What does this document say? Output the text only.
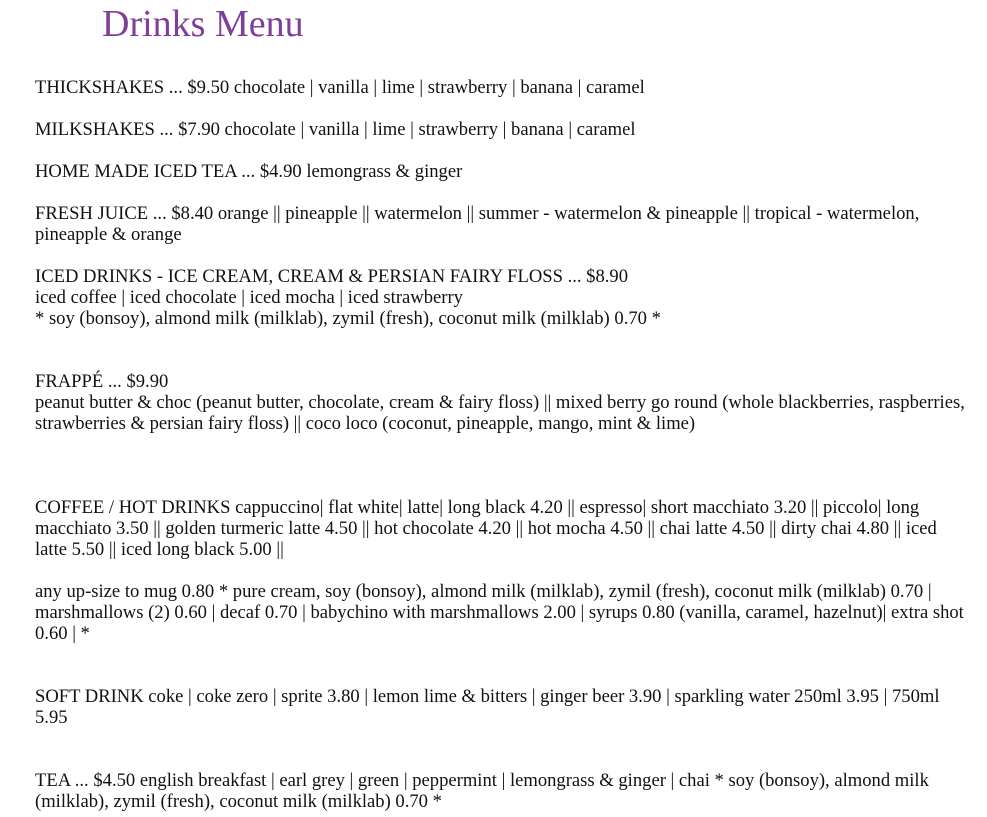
Drinks Menu

THICKSHAKES ... $9.50 chocolate | vanilla | lime | strawberry | banana | caramel

MILKSHAKES ... $7.90 chocolate | vanilla | lime | strawberry | banana | caramel

HOME MADE ICED TEA ... $4.90 lemongrass & ginger

FRESH JUICE ... $8.40 orange || pineapple || watermelon || summer - watermelon & pineapple || tropical - watermelon, pineapple & orange

ICED DRINKS - ICE CREAM, CREAM & PERSIAN FAIRY FLOSS ... $8.90
iced coffee | iced chocolate | iced mocha | iced strawberry
* soy (bonsoy), almond milk (milklab), zymil (fresh), coconut milk (milklab) 0.70 *
FRAPPÉ ... $9.90
peanut butter & choc (peanut butter, chocolate, cream & fairy floss) || mixed berry go round (whole blackberries, raspberries, strawberries & persian fairy floss) || coco loco (coconut, pineapple, mango, mint & lime)

COFFEE / HOT DRINKS cappuccino| flat white| latte| long black 4.20 || espresso| short macchiato 3.20 || piccolo| long macchiato 3.50 || golden turmeric latte 4.50 || hot chocolate 4.20 || hot mocha 4.50 || chai latte 4.50 || dirty chai 4.80 || iced latte 5.50 || iced long black 5.00 ||

any up-size to mug 0.80 * pure cream, soy (bonsoy), almond milk (milklab), zymil (fresh), coconut milk (milklab) 0.70 | marshmallows (2) 0.60 | decaf 0.70 | babychino with marshmallows 2.00 | syrups 0.80 (vanilla, caramel, hazelnut)| extra shot 0.60 | *

SOFT DRINK coke | coke zero | sprite 3.80 | lemon lime & bitters | ginger beer 3.90 | sparkling water 250ml 3.95 | 750ml 5.95

TEA ... $4.50 english breakfast | earl grey | green | peppermint | lemongrass & ginger | chai * soy (bonsoy), almond milk (milklab), zymil (fresh), coconut milk (milklab) 0.70 *
